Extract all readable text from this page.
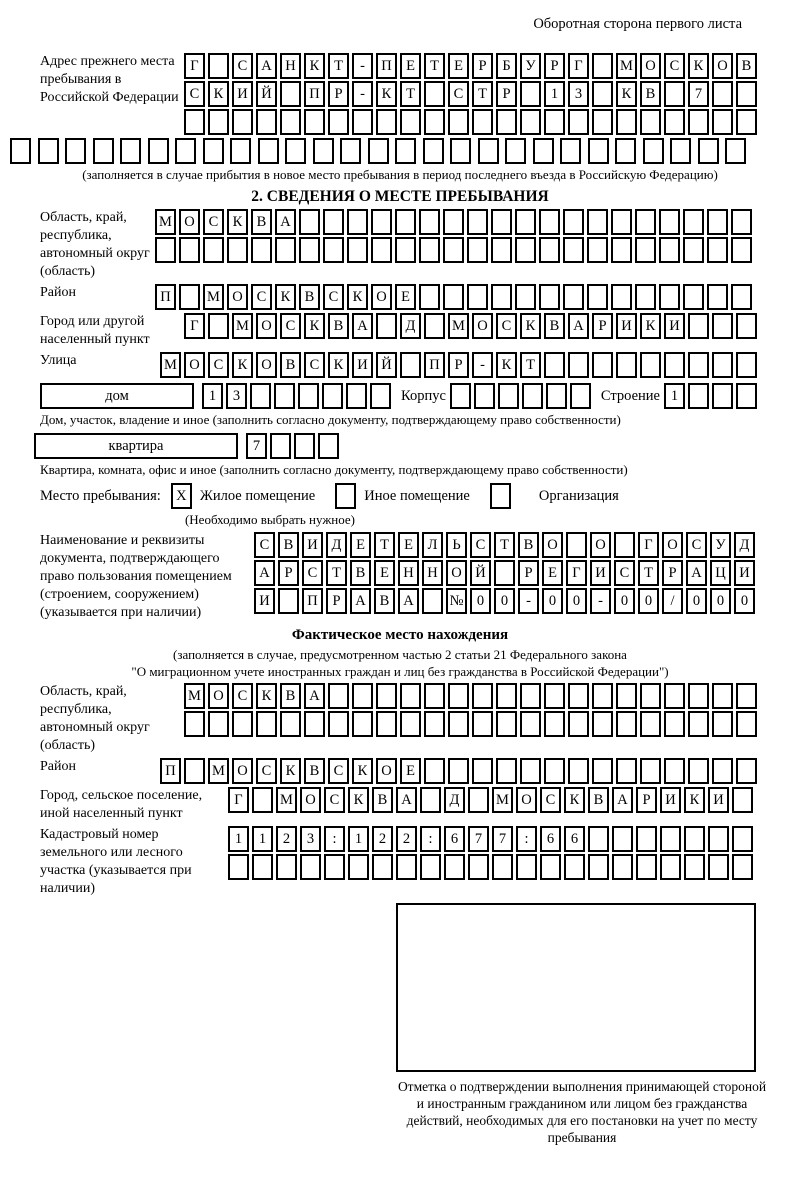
Оборотная сторона первого листа
Адрес прежнего места пребывания в Российской Федерации
Г	С А Н К	Т	-	П Е	Т	Е	Р	Б	У	Р	Г	М О С К О В
С К И Й	П	Р	-	К	Т	С	Т	Р	1	3	К В	7
(заполняется в случае прибытия в новое место пребывания в период последнего въезда в Российскую Федерацию)
2. СВЕДЕНИЯ О МЕСТЕ ПРЕБЫВАНИЯ
Область, край, республика, автономный округ (область)
М О С К В А
Район	П	М О С К В С К О Е
Город или другой населенный пункт
Г	М О С К В А	Д	М О С К В А	Р	И К И
Улица	М О С К О В С К И Й	П	Р	-	К	Т
дом	1	3	Корпус	Строение 1
Дом, участок, владение и иное (заполнить согласно документу, подтверждающему право собственности)
квартира	7
Квартира, комната, офис и иное (заполнить согласно документу, подтверждающему право собственности)
Место пребывания:	X Жилое помещение	Иное помещение	Организация
(Необходимо выбрать нужное)
Наименование и реквизиты документа, подтверждающего право пользования помещением (строением, сооружением) (указывается при наличии)
С В И Д	Е	Т	Е	Л	Ь	С	Т	В О	О	Г	О С У Д
А	Р	С	Т	В	Е Н Н О Й	Р	Е	Г	И С	Т	Р	А Ц И
И	П	Р	А В А	№ 0	0	-	0	0	-	0	0	/	0	0	0
Фактическое место нахождения
(заполняется в случае, предусмотренном частью 2 статьи 21 Федерального закона
"О миграционном учете иностранных граждан и лиц без гражданства в Российской Федерации")
Область, край, республика, автономный округ (область)
М О С К В А
Район	П	М О С К В С К О Е
Город, сельское поселение, иной населенный пункт
Г	М О С К В А	Д	М О С К В А	Р	И К И
Кадастровый номер земельного или лесного участка (указывается при наличии)
1	1	2	3	:	1	2	2	:	6	7	7	:	6	6
Отметка о подтверждении выполнения принимающей стороной и иностранным гражданином или лицом без гражданства действий, необходимых для его постановки на учет по месту пребывания
